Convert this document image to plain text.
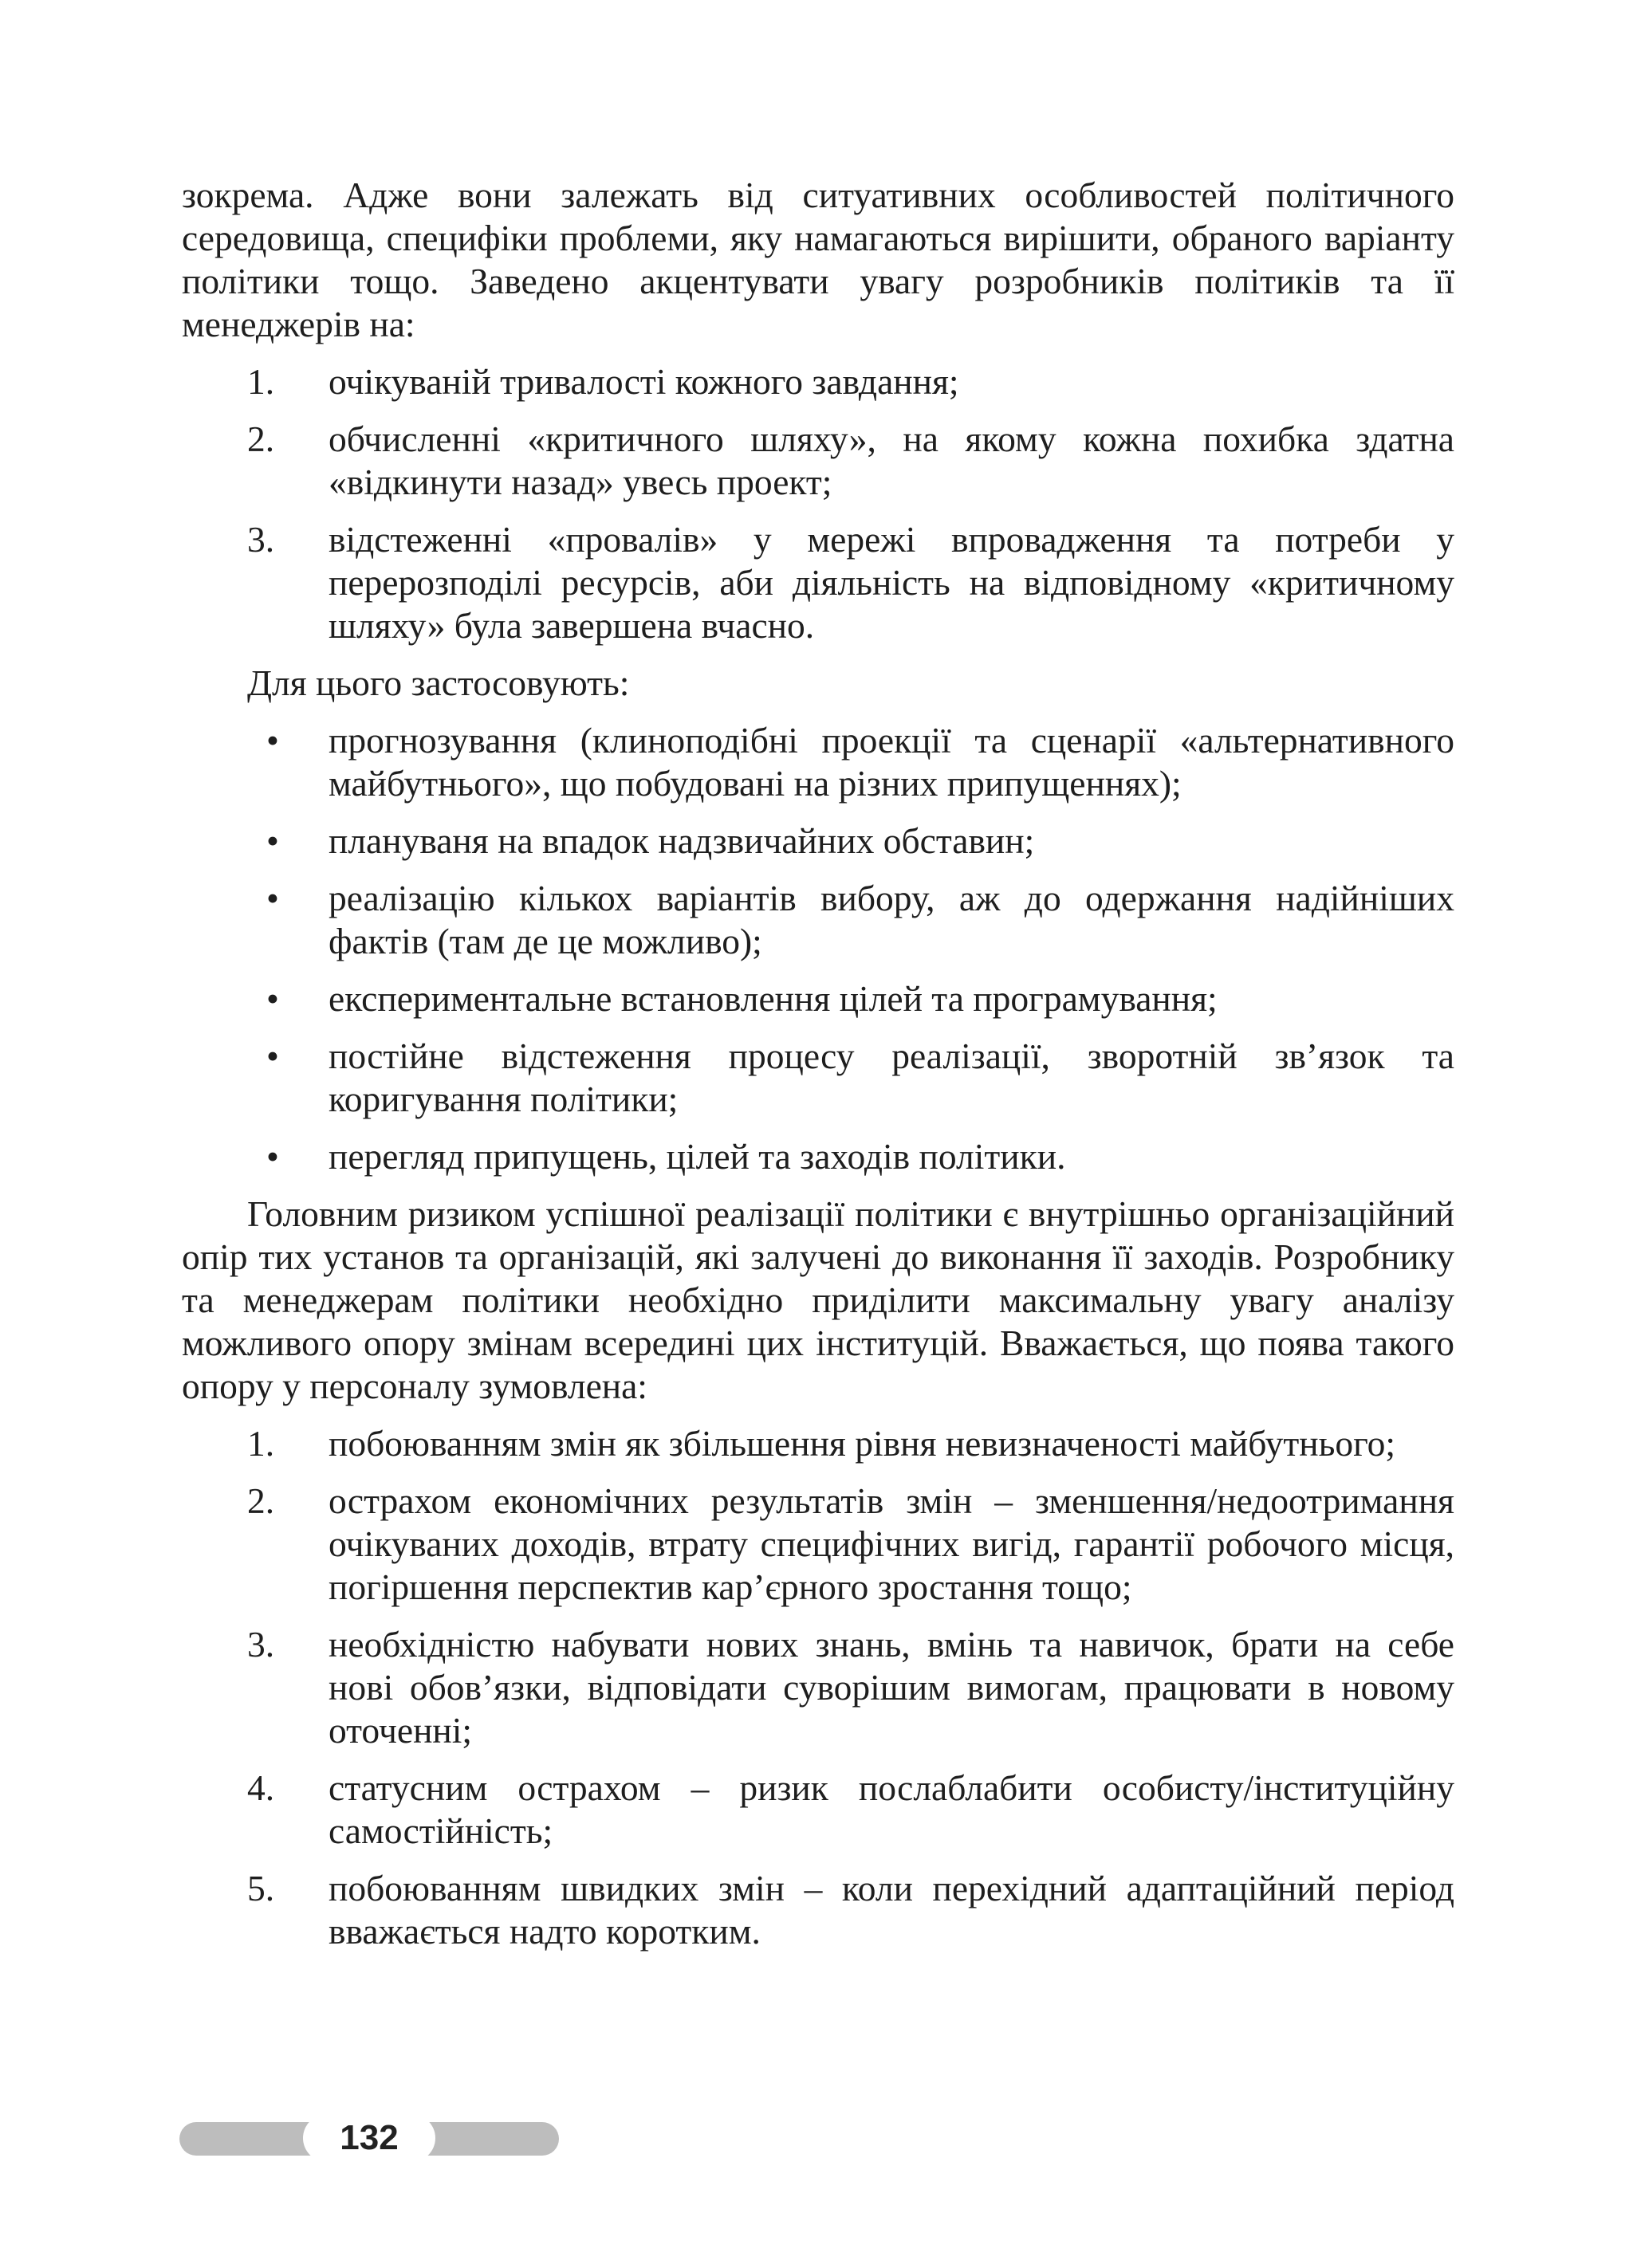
зокрема. Адже вони залежать від ситуативних особливостей політичного середовища, специфіки проблеми, яку намагаються вирішити, обраного варіанту політики тощо. Заведено акцентувати увагу розробників політиків та її менеджерів на:

1. очікуваній тривалості кожного завдання;
2. обчисленні «критичного шляху», на якому кожна похибка здатна «відкинути назад» увесь проект;
3. відстеженні «провалів» у мережі впровадження та потреби у перерозподілі ресурсів, аби діяльність на відповідному «критичному шляху» була завершена вчасно.

Для цього застосовують:

• прогнозування (клиноподібні проекції та сценарії «альтернативного майбутнього», що побудовані на різних припущеннях);
• плануваня на впадок надзвичайних обставин;
• реалізацію кількох варіантів вибору, аж до одержання надійніших фактів (там де це можливо);
• експериментальне встановлення цілей та програмування;
• постійне відстеження процесу реалізації, зворотній зв’язок та коригування політики;
• перегляд припущень, цілей та заходів політики.

Головним ризиком успішної реалізації політики є внутрішньо організаційний опір тих установ та організацій, які залучені до виконання її заходів. Розробнику та менеджерам політики необхідно приділити максимальну увагу аналізу можливого опору змінам всередині цих інституцій. Вважається, що поява такого опору у персоналу зумовлена:

1. побоюванням змін як збільшення рівня невизначеності майбутнього;
2. острахом економічних результатів змін – зменшення/недоотримання очікуваних доходів, втрату специфічних вигід, гарантії робочого місця, погіршення перспектив кар’єрного зростання тощо;
3. необхідністю набувати нових знань, вмінь та навичок, брати на себе нові обов’язки, відповідати суворішим вимогам, працювати в новому оточенні;
4. статусним острахом – ризик послаблабити особисту/інституційну самостійність;
5. побоюванням швидких змін – коли перехідний адаптаційний період вважається надто коротким.
132
